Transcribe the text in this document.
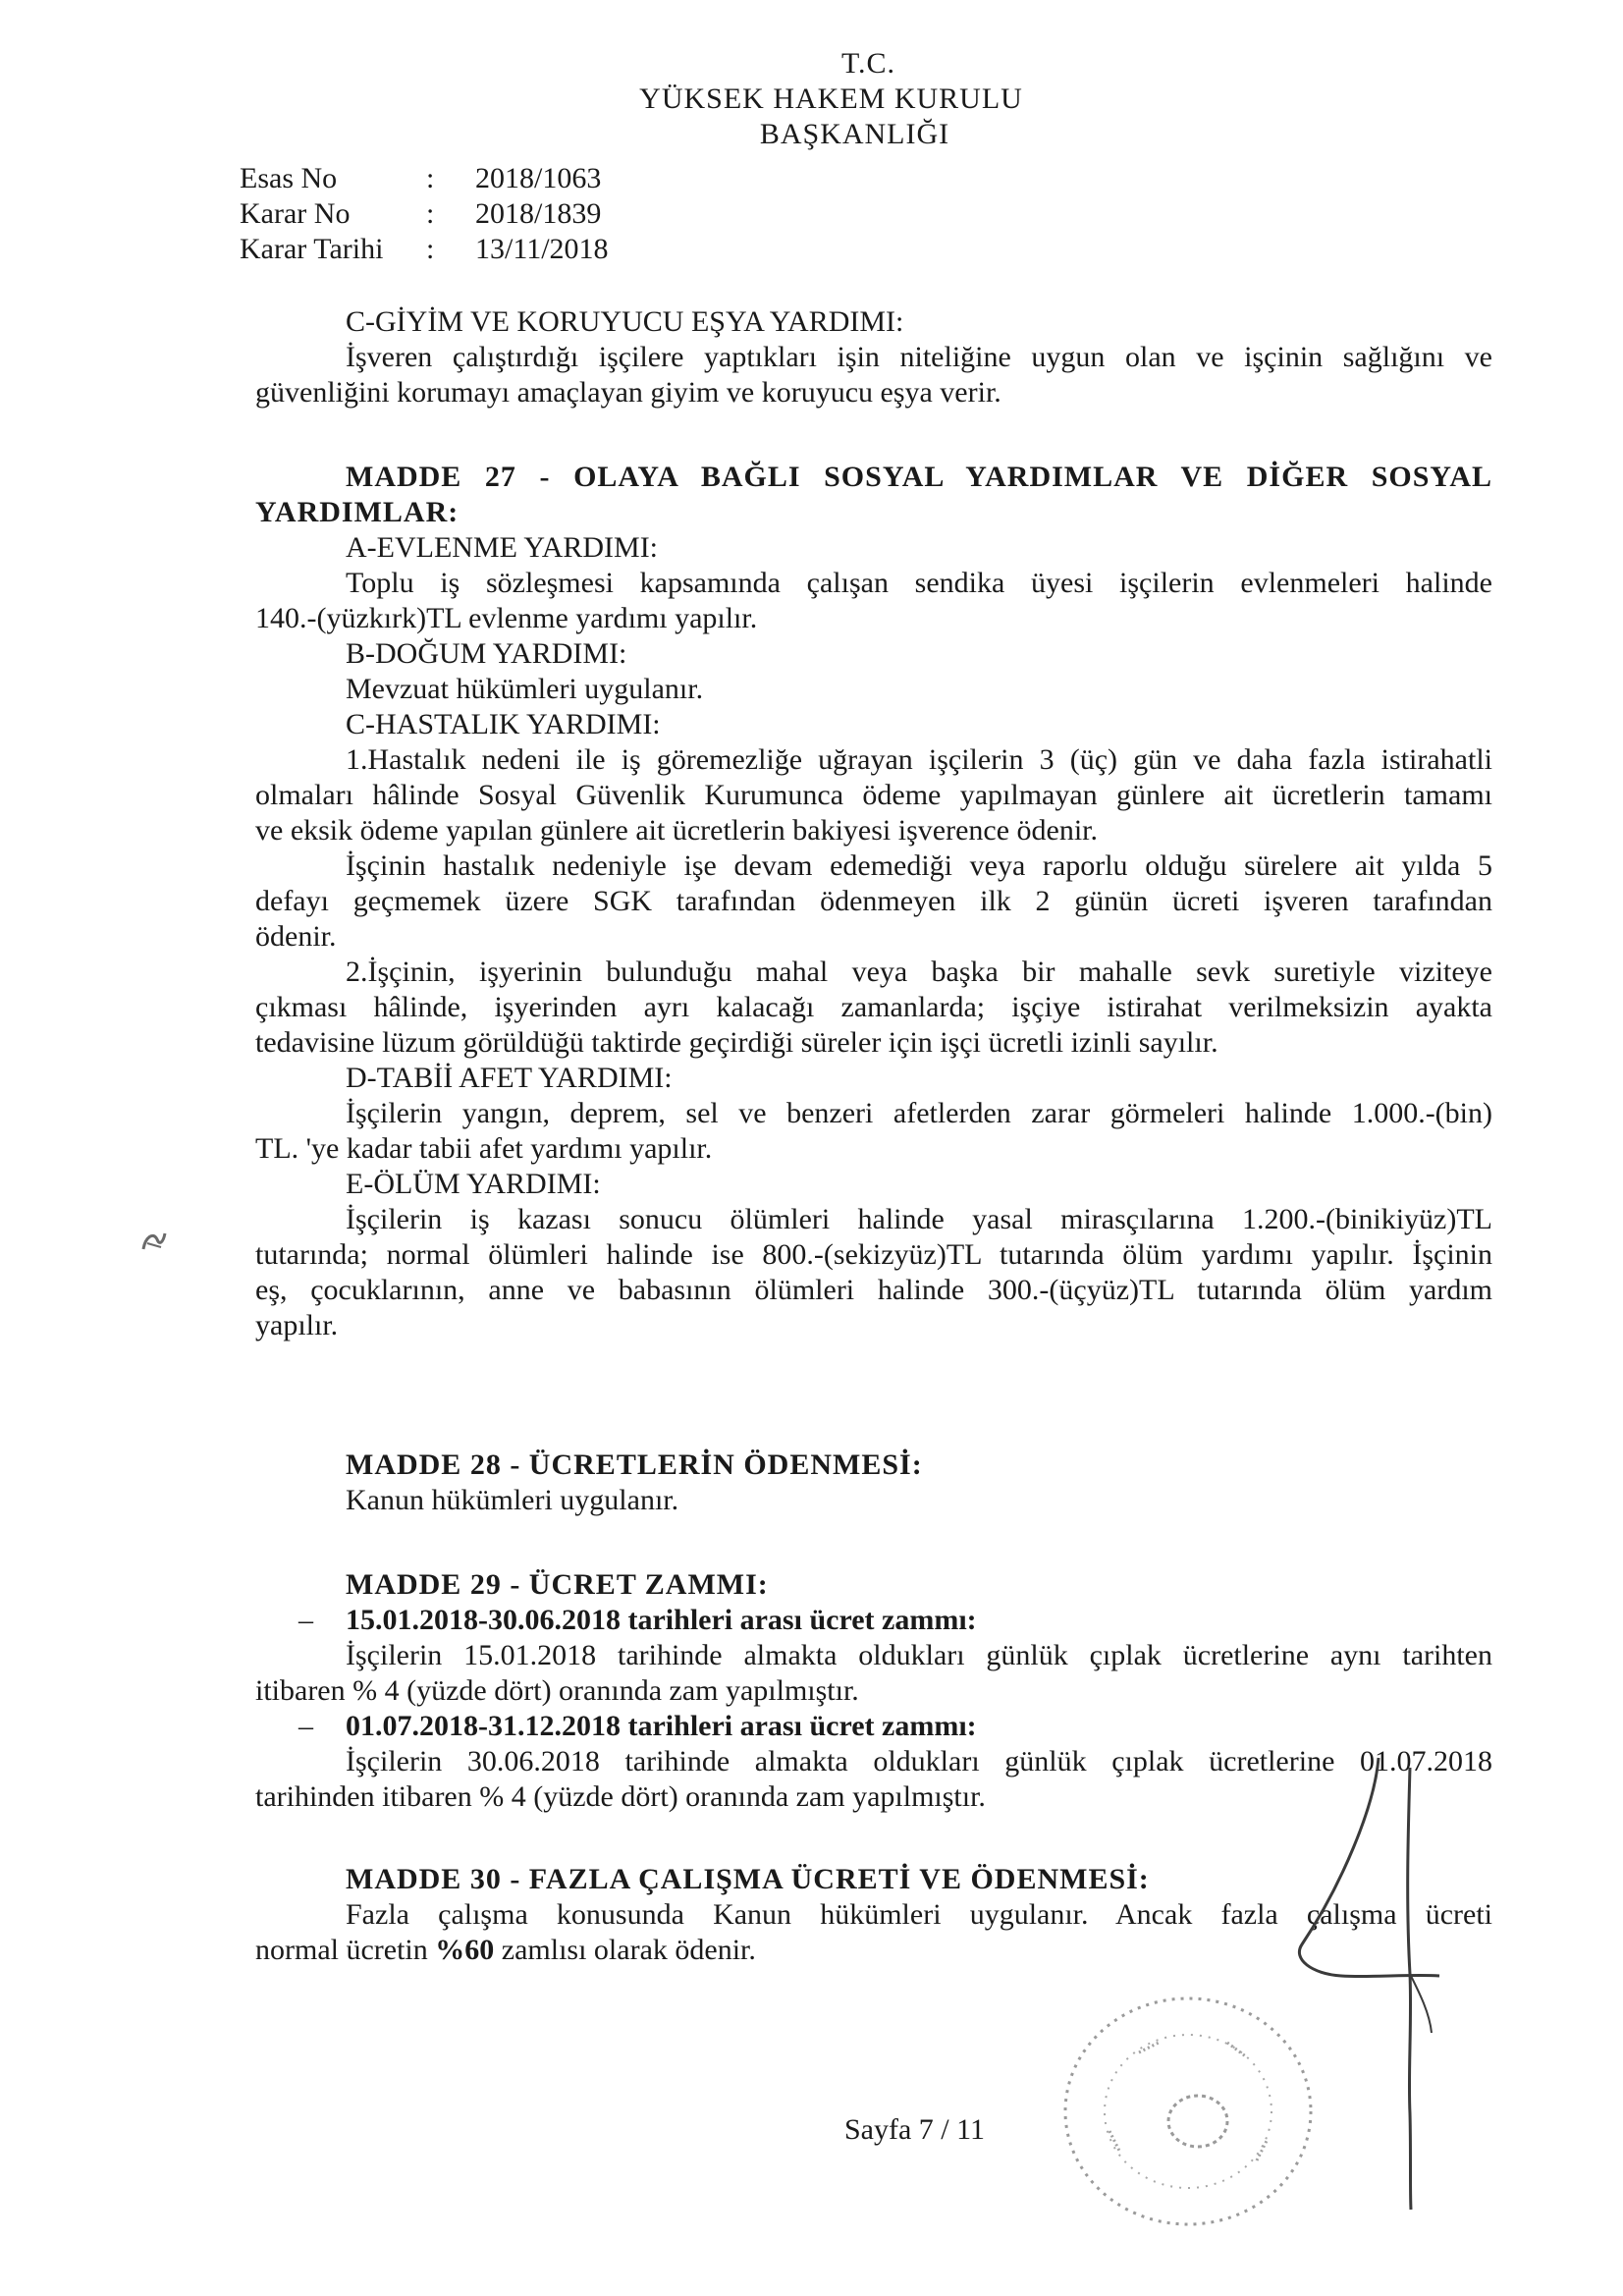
T.C.
YÜKSEK HAKEM KURULU
BAŞKANLIĞI
Esas No	:	2018/1063
Karar No	:	2018/1839
Karar Tarihi	:	13/11/2018
C-GİYİM VE KORUYUCU EŞYA YARDIMI:
İşveren çalıştırdığı işçilere yaptıkları işin niteliğine uygun olan ve işçinin sağlığını ve
güvenliğini korumayı amaçlayan giyim ve koruyucu eşya verir.
MADDE 27 - OLAYA BAĞLI SOSYAL YARDIMLAR VE DİĞER SOSYAL
YARDIMLAR:
A-EVLENME YARDIMI:
Toplu iş sözleşmesi kapsamında çalışan sendika üyesi işçilerin evlenmeleri halinde
140.-(yüzkırk)TL evlenme yardımı yapılır.
B-DOĞUM YARDIMI:
Mevzuat hükümleri uygulanır.
C-HASTALIK YARDIMI:
1.Hastalık nedeni ile iş göremezliğe uğrayan işçilerin 3 (üç) gün ve daha fazla istirahatli
olmaları hâlinde Sosyal Güvenlik Kurumunca ödeme yapılmayan günlere ait ücretlerin tamamı
ve eksik ödeme yapılan günlere ait ücretlerin bakiyesi işverence ödenir.
İşçinin hastalık nedeniyle işe devam edemediği veya raporlu olduğu sürelere ait yılda 5
defayı geçmemek üzere SGK tarafından ödenmeyen ilk 2 günün ücreti işveren tarafından
ödenir.
2.İşçinin, işyerinin bulunduğu mahal veya başka bir mahalle sevk suretiyle viziteye
çıkması hâlinde, işyerinden ayrı kalacağı zamanlarda; işçiye istirahat verilmeksizin ayakta
tedavisine lüzum görüldüğü taktirde geçirdiği süreler için işçi ücretli izinli sayılır.
D-TABİİ AFET YARDIMI:
İşçilerin yangın, deprem, sel ve benzeri afetlerden zarar görmeleri halinde 1.000.-(bin)
TL. 'ye kadar tabii afet yardımı yapılır.
E-ÖLÜM YARDIMI:
İşçilerin iş kazası sonucu ölümleri halinde yasal mirasçılarına 1.200.-(binikiyüz)TL
tutarında; normal ölümleri halinde ise 800.-(sekizyüz)TL tutarında ölüm yardımı yapılır. İşçinin
eş, çocuklarının, anne ve babasının ölümleri halinde 300.-(üçyüz)TL tutarında ölüm yardım
yapılır.
MADDE 28 - ÜCRETLERİN ÖDENMESİ:
Kanun hükümleri uygulanır.
MADDE 29 - ÜCRET ZAMMI:
– 15.01.2018-30.06.2018 tarihleri arası ücret zammı:
İşçilerin 15.01.2018 tarihinde almakta oldukları günlük çıplak ücretlerine aynı tarihten
itibaren % 4 (yüzde dört) oranında zam yapılmıştır.
– 01.07.2018-31.12.2018 tarihleri arası ücret zammı:
İşçilerin 30.06.2018 tarihinde almakta oldukları günlük çıplak ücretlerine 01.07.2018
tarihinden itibaren % 4 (yüzde dört) oranında zam yapılmıştır.
MADDE 30 - FAZLA ÇALIŞMA ÜCRETİ VE ÖDENMESİ:
Fazla çalışma konusunda Kanun hükümleri uygulanır. Ancak fazla çalışma ücreti
normal ücretin %60 zamlısı olarak ödenir.
Sayfa 7 / 11
